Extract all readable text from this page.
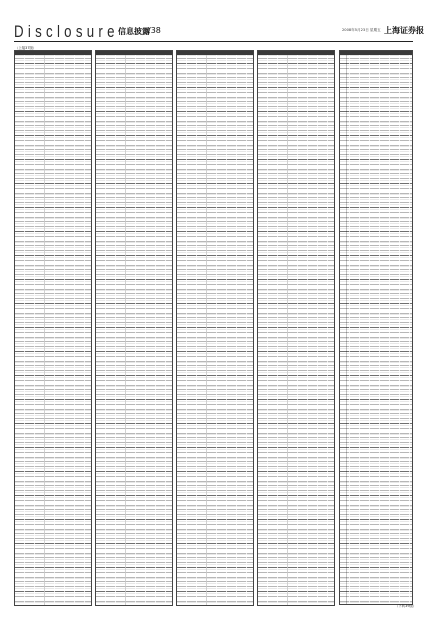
Disclosure 信息披露
/38	2008年5月23日 星期五 上海证券报
（上接37版）
（下转39版）
